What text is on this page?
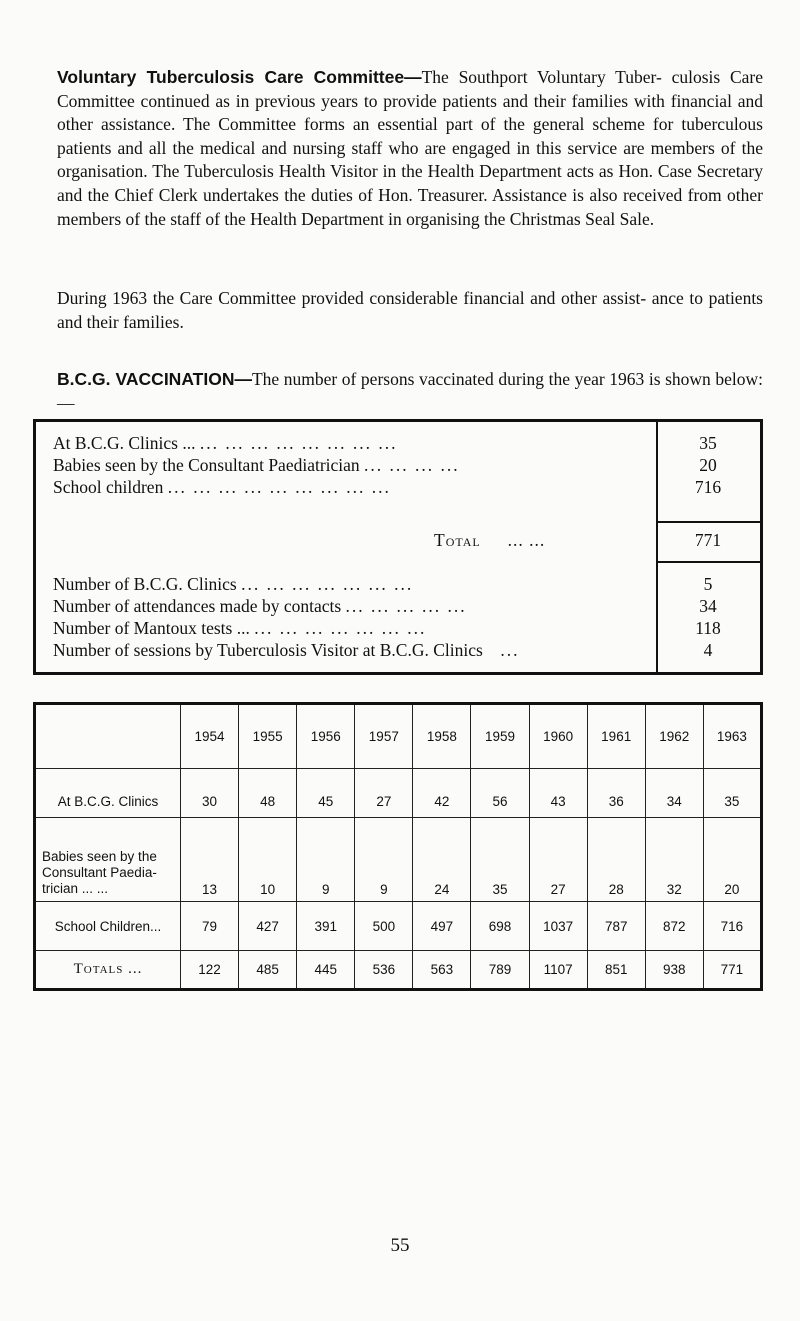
Voluntary Tuberculosis Care Committee—The Southport Voluntary Tuber- culosis Care Committee continued as in previous years to provide patients and their families with financial and other assistance. The Committee forms an essential part of the general scheme for tuberculous patients and all the medical and nursing staff who are engaged in this service are members of the organisation. The Tuberculosis Health Visitor in the Health Department acts as Hon. Case Secretary and the Chief Clerk undertakes the duties of Hon. Treasurer. Assistance is also received from other members of the staff of the Health Department in organising the Christmas Seal Sale.

During 1963 the Care Committee provided considerable financial and other assist- ance to patients and their families.

B.C.G. VACCINATION—The number of persons vaccinated during the year 1963 is shown below:—

At B.C.G. Clinics ... ... ... ... ... ... ... ... ...	35
Babies seen by the Consultant Paediatrician ... ... ... ...	20
School children ... ... ... ... ... ... ... ... ...	716
Total ... ...	771
Number of B.C.G. Clinics ... ... ... ... ... ... ...	5
Number of attendances made by contacts ... ... ... ... ...	34
Number of Mantoux tests ... ... ... ... ... ... ... ...	118
Number of sessions by Tuberculosis Visitor at B.C.G. Clinics ...	4
	1954	1955	1956	1957	1958	1959	1960	1961	1962	1963
At B.C.G. Clinics	30	48	45	27	42	56	43	36	34	35
Babies seen by the Consultant Paedia- trician ... ...	13	10	9	9	24	35	27	28	32	20
School Children...	79	427	391	500	497	698	1037	787	872	716
Totals ...	122	485	445	536	563	789	1107	851	938	771
55
